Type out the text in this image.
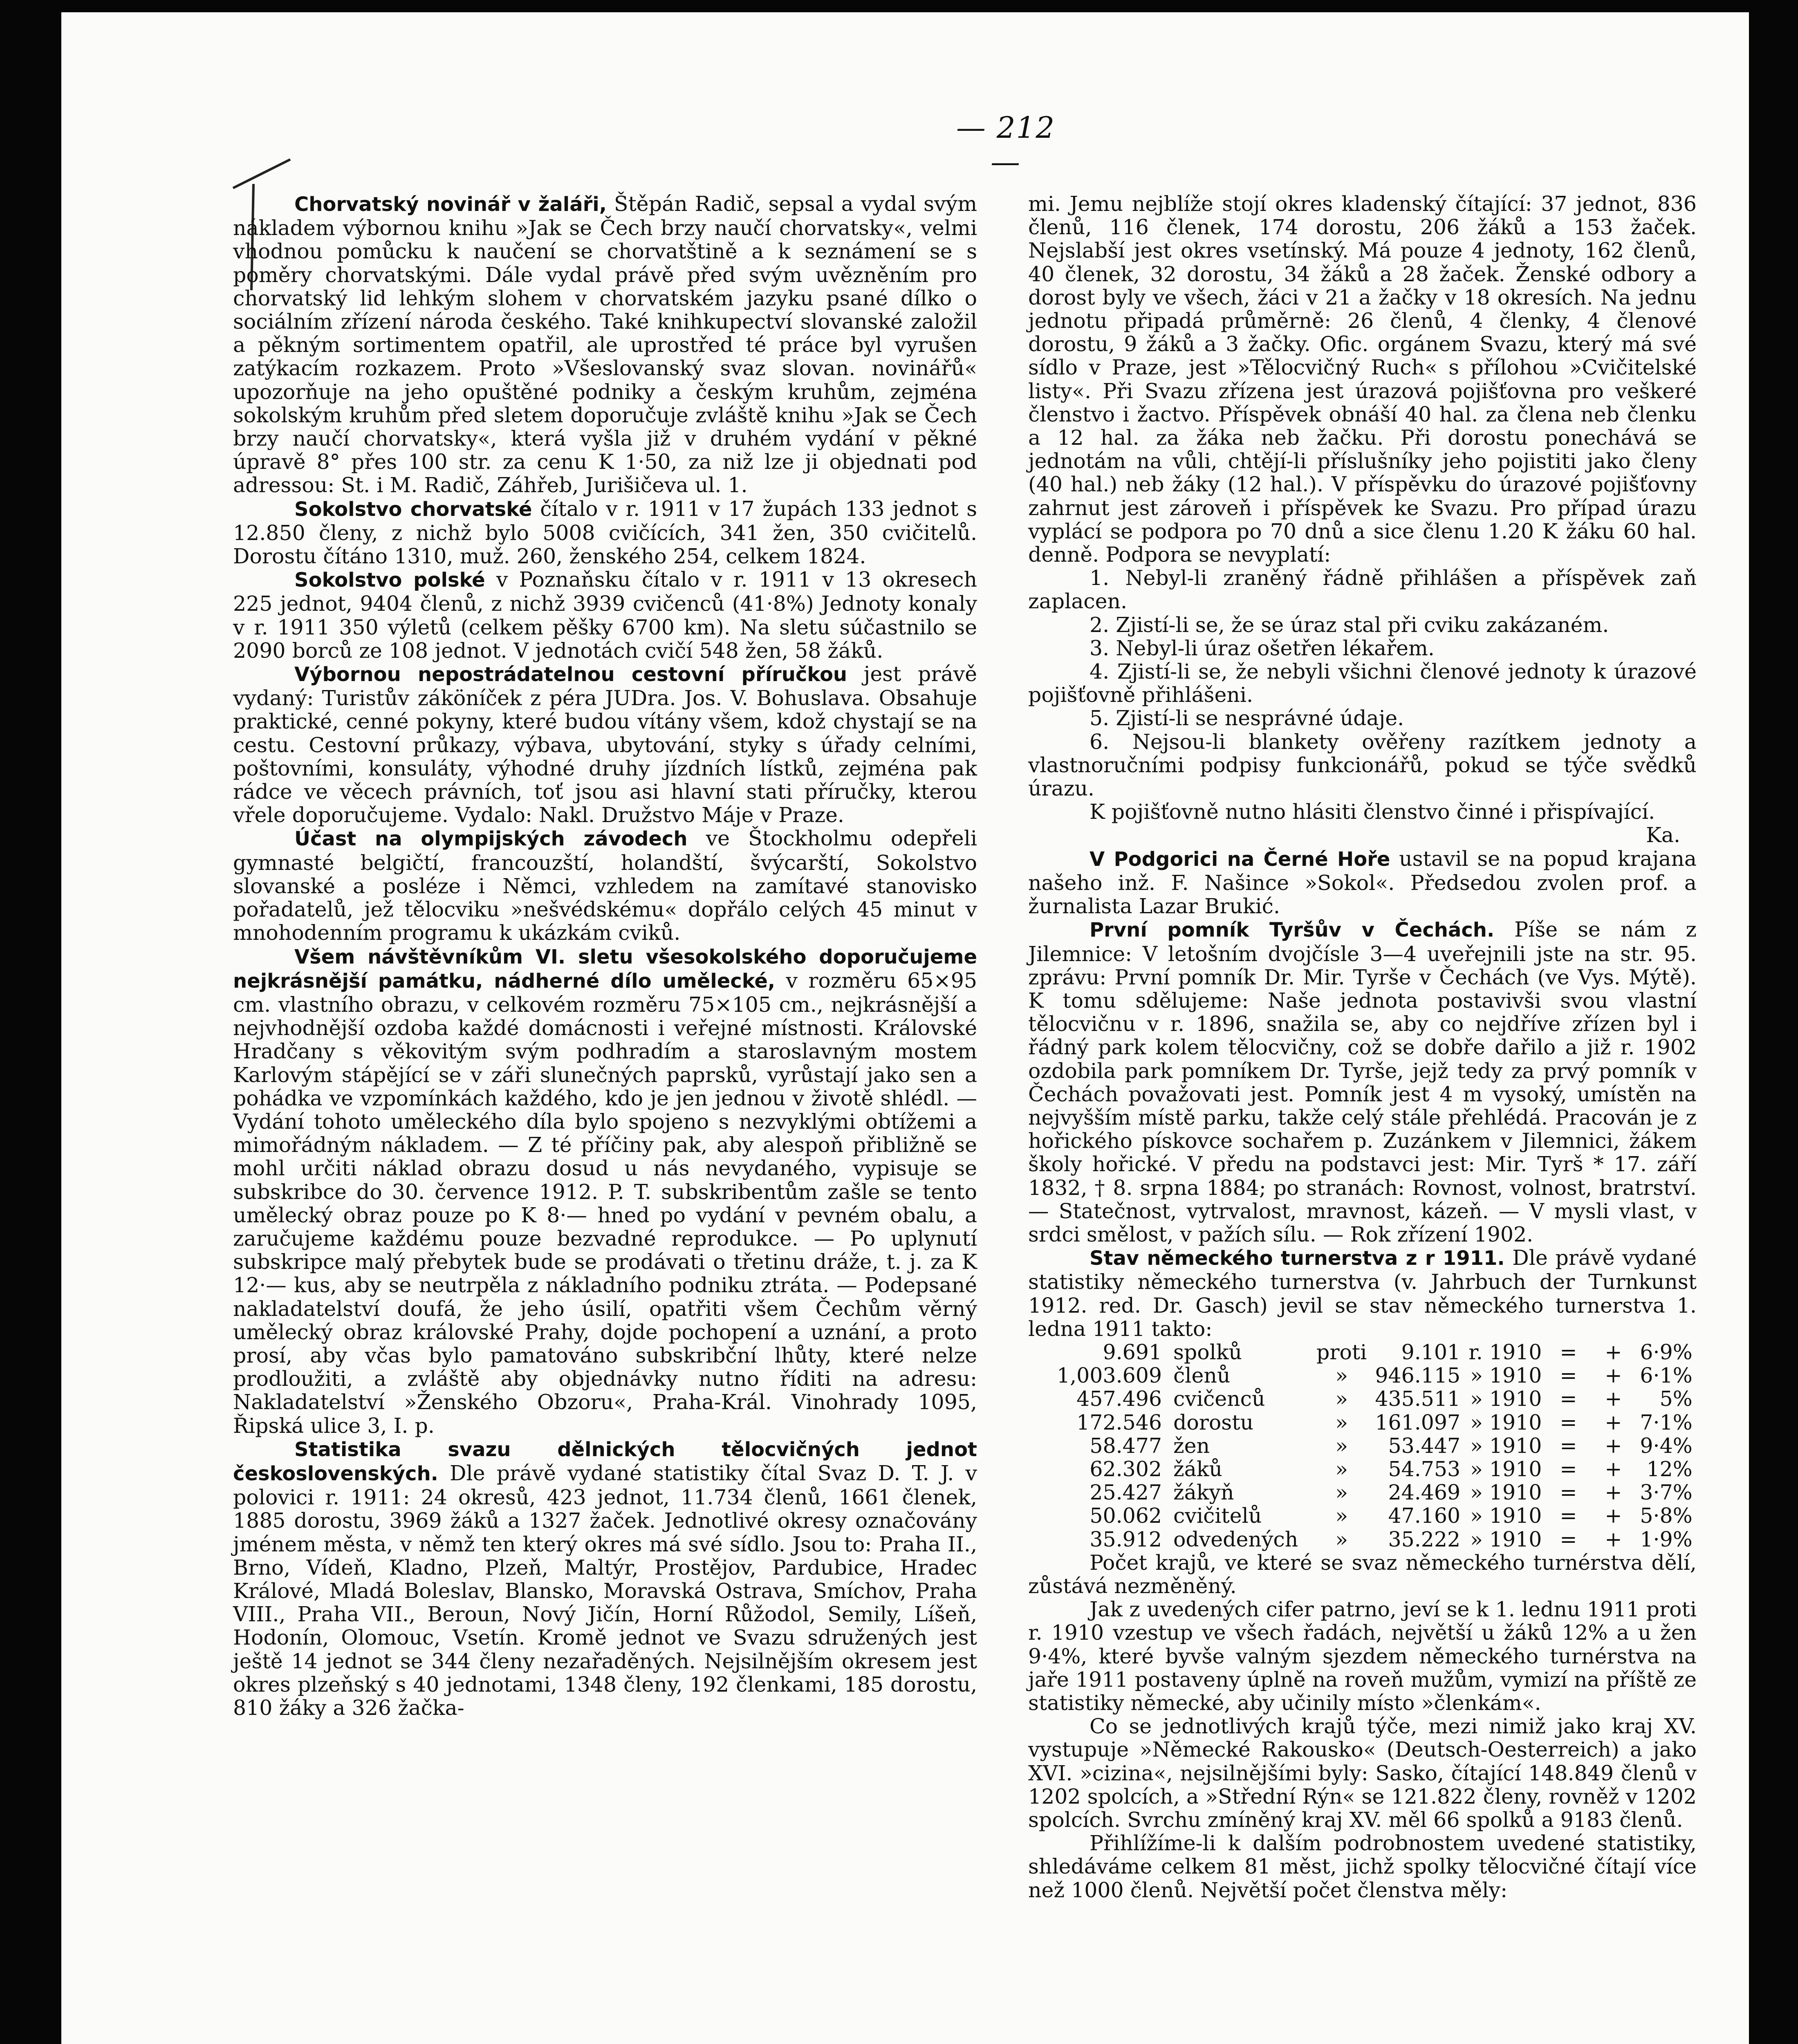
— 212 —

Chorvatský novinář v žaláři, Štěpán Radič, sepsal a vydal svým nákladem výbornou knihu »Jak se Čech brzy naučí chorvatsky«, velmi vhodnou pomůcku k naučení se chorvatštině a k seznámení se s poměry chorvatskými. Dále vydal právě před svým uvězněním pro chorvatský lid lehkým slohem v chorvatském jazyku psané dílko o sociálním zřízení národa českého. Také knihkupectví slovanské založil a pěkným sortimentem opatřil, ale uprostřed té práce byl vyrušen zatýkacím rozkazem. Proto »Všeslovanský svaz slovan. novinářů« upozorňuje na jeho opuštěné podniky a českým kruhům, zejména sokolským kruhům před sletem doporučuje zvláště knihu »Jak se Čech brzy naučí chorvatsky«, která vyšla již v druhém vydání v pěkné úpravě 8° přes 100 str. za cenu K 1·50, za niž lze ji objednati pod adressou: St. i M. Radič, Záhřeb, Jurišičeva ul. 1.

Sokolstvo chorvatské čítalo v r. 1911 v 17 župách 133 jednot s 12.850 členy, z nichž bylo 5008 cvičících, 341 žen, 350 cvičitelů. Dorostu čítáno 1310, muž. 260, ženského 254, celkem 1824.

Sokolstvo polské v Poznaňsku čítalo v r. 1911 v 13 okresech 225 jednot, 9404 členů, z nichž 3939 cvičenců (41·8%) Jednoty konaly v r. 1911 350 výletů (celkem pěšky 6700 km). Na sletu súčastnilo se 2090 borců ze 108 jednot. V jednotách cvičí 548 žen, 58 žáků.

Výbornou nepostrádatelnou cestovní příručkou jest právě vydaný: Turistův záköníček z péra JUDra. Jos. V. Bohuslava. Obsahuje praktické, cenné pokyny, které budou vítány všem, kdož chystají se na cestu. Cestovní průkazy, výbava, ubytování, styky s úřady celními, poštovními, konsuláty, výhodné druhy jízdních lístků, zejména pak rádce ve věcech právních, toť jsou asi hlavní stati příručky, kterou vřele doporučujeme. Vydalo: Nakl. Družstvo Máje v Praze.

Účast na olympijských závodech ve Štockholmu odepřeli gymnasté belgičtí, francouzští, holandští, švýcarští, Sokolstvo slovanské a posléze i Němci, vzhledem na zamítavé stanovisko pořadatelů, jež tělocviku »nešvédskému« dopřálo celých 45 minut v mnohodenním programu k ukázkám cviků.

Všem návštěvníkům VI. sletu všesokolského doporučujeme nejkrásnější památku, nádherné dílo umělecké, v rozměru 65×95 cm. vlastního obrazu, v celkovém rozměru 75×105 cm., nejkrásnější a nejvhodnější ozdoba každé domácnosti i veřejné místnosti. Královské Hradčany s věkovitým svým podhradím a staroslavným mostem Karlovým stápějící se v záři slunečných paprsků, vyrůstají jako sen a pohádka ve vzpomínkách každého, kdo je jen jednou v životě shlédl. — Vydání tohoto uměleckého díla bylo spojeno s nezvyklými obtížemi a mimořádným nákladem. — Z té příčiny pak, aby alespoň přibližně se mohl určiti náklad obrazu dosud u nás nevydaného, vypisuje se subskribce do 30. července 1912. P. T. subskribentům zašle se tento umělecký obraz pouze po K 8·— hned po vydání v pevném obalu, a zaručujeme každému pouze bezvadné reprodukce. — Po uplynutí subskripce malý přebytek bude se prodávati o třetinu dráže, t. j. za K 12·— kus, aby se neutrpěla z nákladního podniku ztráta. — Podepsané nakladatelství doufá, že jeho úsilí, opatřiti všem Čechům věrný umělecký obraz královské Prahy, dojde pochopení a uznání, a proto prosí, aby včas bylo pamatováno subskribční lhůty, které nelze prodloužiti, a zvláště aby objednávky nutno říditi na adresu: Nakladatelství »Ženského Obzoru«, Praha-Král. Vinohrady 1095, Řipská ulice 3, I. p.

Statistika svazu dělnických tělocvičných jednot československých. Dle právě vydané statistiky čítal Svaz D. T. J. v polovici r. 1911: 24 okresů, 423 jednot, 11.734 členů, 1661 členek, 1885 dorostu, 3969 žáků a 1327 žaček. Jednotlivé okresy označovány jménem města, v němž ten který okres má své sídlo. Jsou to: Praha II., Brno, Vídeň, Kladno, Plzeň, Maltýr, Prostějov, Pardubice, Hradec Králové, Mladá Boleslav, Blansko, Moravská Ostrava, Smíchov, Praha VIII., Praha VII., Beroun, Nový Jičín, Horní Růžodol, Semily, Líšeň, Hodonín, Olomouc, Vsetín. Kromě jednot ve Svazu sdružených jest ještě 14 jednot se 344 členy nezařaděných. Nejsilnějším okresem jest okres plzeňský s 40 jednotami, 1348 členy, 192 členkami, 185 dorostu, 810 žáky a 326 žačka-

mi. Jemu nejblíže stojí okres kladenský čítající: 37 jednot, 836 členů, 116 členek, 174 dorostu, 206 žáků a 153 žaček. Nejslabší jest okres vsetínský. Má pouze 4 jednoty, 162 členů, 40 členek, 32 dorostu, 34 žáků a 28 žaček. Ženské odbory a dorost byly ve všech, žáci v 21 a žačky v 18 okresích. Na jednu jednotu připadá průměrně: 26 členů, 4 členky, 4 členové dorostu, 9 žáků a 3 žačky. Ofic. orgánem Svazu, který má své sídlo v Praze, jest »Tělocvičný Ruch« s přílohou »Cvičitelské listy«. Při Svazu zřízena jest úrazová pojišťovna pro veškeré členstvo i žactvo. Příspěvek obnáší 40 hal. za člena neb členku a 12 hal. za žáka neb žačku. Při dorostu ponechává se jednotám na vůli, chtějí-li příslušníky jeho pojistiti jako členy (40 hal.) neb žáky (12 hal.). V příspěvku do úrazové pojišťovny zahrnut jest zároveň i příspěvek ke Svazu. Pro případ úrazu vyplácí se podpora po 70 dnů a sice členu 1.20 K žáku 60 hal. denně. Podpora se nevyplatí:

1. Nebyl-li zraněný řádně přihlášen a příspěvek zaň zaplacen.

2. Zjistí-li se, že se úraz stal při cviku zakázaném.

3. Nebyl-li úraz ošetřen lékařem.

4. Zjistí-li se, že nebyli všichni členové jednoty k úrazové pojišťovně přihlášeni.

5. Zjistí-li se nesprávné údaje.

6. Nejsou-li blankety ověřeny razítkem jednoty a vlastnoručními podpisy funkcionářů, pokud se týče svědků úrazu.

K pojišťovně nutno hlásiti členstvo činné i přispívající.

Ka.

V Podgorici na Černé Hoře ustavil se na popud krajana našeho inž. F. Našince »Sokol«. Předsedou zvolen prof. a žurnalista Lazar Brukić.

První pomník Tyršův v Čechách. Píše se nám z Jilemnice: V letošním dvojčísle 3—4 uveřejnili jste na str. 95. zprávu: První pomník Dr. Mir. Tyrše v Čechách (ve Vys. Mýtě). K tomu sdělujeme: Naše jednota postavivši svou vlastní tělocvičnu v r. 1896, snažila se, aby co nejdříve zřízen byl i řádný park kolem tělocvičny, což se dobře dařilo a již r. 1902 ozdobila park pomníkem Dr. Tyrše, jejž tedy za prvý pomník v Čechách považovati jest. Pomník jest 4 m vysoký, umístěn na nejvyšším místě parku, takže celý stále přehlédá. Pracován je z hořického pískovce sochařem p. Zuzánkem v Jilemnici, žákem školy hořické. V předu na podstavci jest: Mir. Tyrš * 17. září 1832, † 8. srpna 1884; po stranách: Rovnost, volnost, bratrství. — Statečnost, vytrvalost, mravnost, kázeň. — V mysli vlast, v srdci smělost, v pažích sílu. — Rok zřízení 1902.

Stav německého turnerstva z r 1911. Dle právě vydané statistiky německého turnerstva (v. Jahrbuch der Turnkunst 1912. red. Dr. Gasch) jevil se stav německého turnerstva 1. ledna 1911 takto:

9.691	spolků	proti	9.101	r. 1910	=	+	6·9%
1,003.609	členů	»	946.115	» 1910	=	+	6·1%
457.496	cvičenců	»	435.511	» 1910	=	+	5%
172.546	dorostu	»	161.097	» 1910	=	+	7·1%
58.477	žen	»	53.447	» 1910	=	+	9·4%
62.302	žáků	»	54.753	» 1910	=	+	12%
25.427	žákyň	»	24.469	» 1910	=	+	3·7%
50.062	cvičitelů	»	47.160	» 1910	=	+	5·8%
35.912	odvedených	»	35.222	» 1910	=	+	1·9%

Počet krajů, ve které se svaz německého turnérstva dělí, zůstává nezměněný.

Jak z uvedených cifer patrno, jeví se k 1. lednu 1911 proti r. 1910 vzestup ve všech řadách, největší u žáků 12% a u žen 9·4%, které byvše valným sjezdem německého turnérstva na jaře 1911 postaveny úplně na roveň mužům, vymizí na příště ze statistiky německé, aby učinily místo »členkám«.

Co se jednotlivých krajů týče, mezi nimiž jako kraj XV. vystupuje »Německé Rakousko« (Deutsch-Oesterreich) a jako XVI. »cizina«, nejsilnějšími byly: Sasko, čítající 148.849 členů v 1202 spolcích, a »Střední Rýn« se 121.822 členy, rovněž v 1202 spolcích. Svrchu zmíněný kraj XV. měl 66 spolků a 9183 členů.

Přihlížíme-li k dalším podrobnostem uvedené statistiky, shledáváme celkem 81 měst, jichž spolky tělocvičné čítají více než 1000 členů. Největší počet členstva měly:
